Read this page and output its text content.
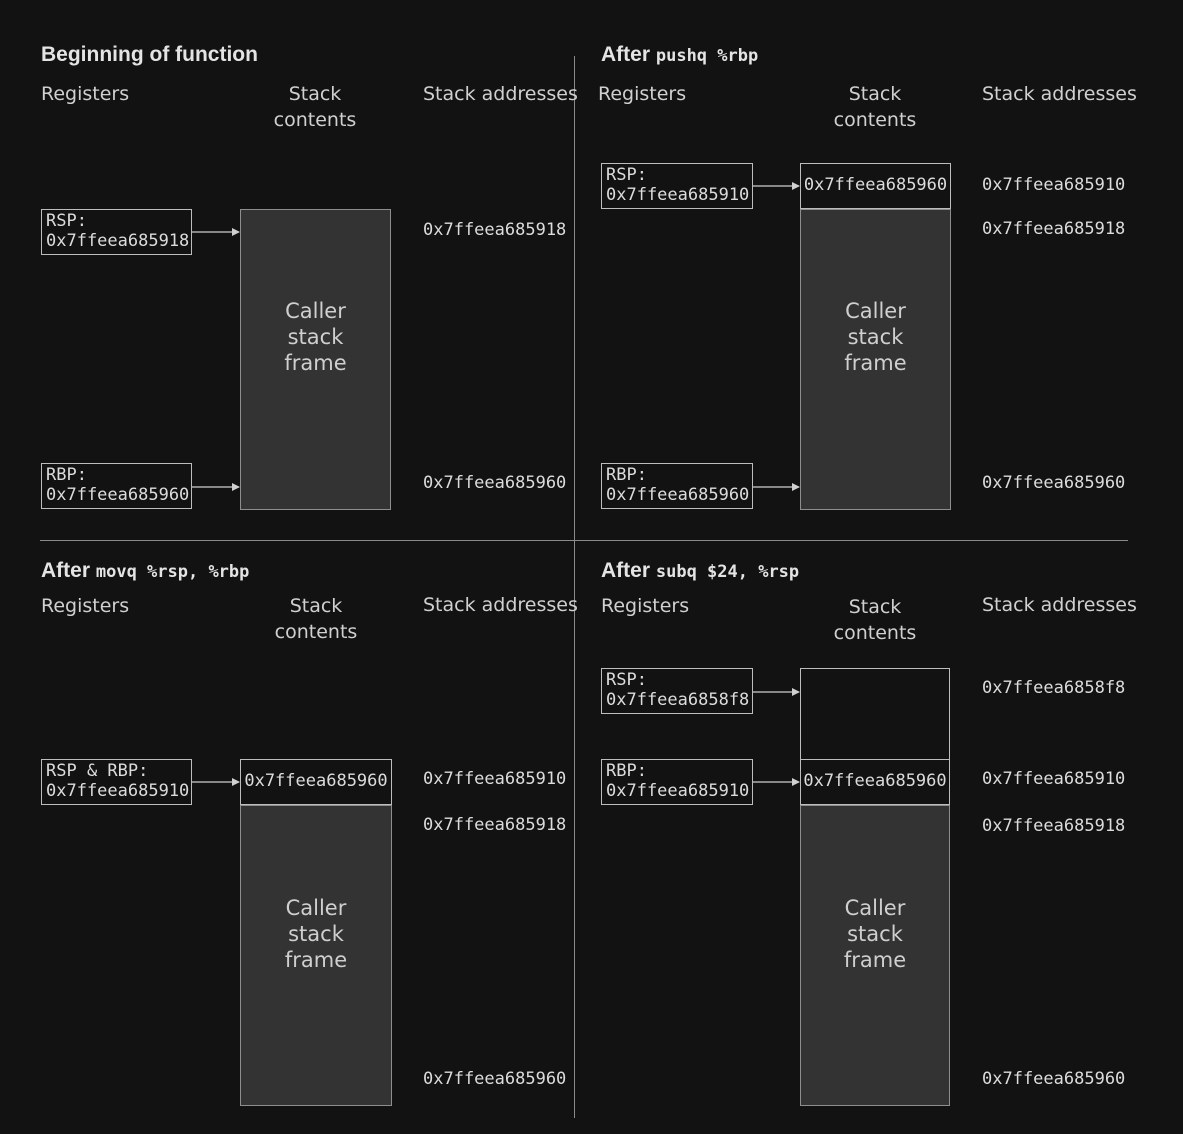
Beginning of function
Registers	Stack contents
Stack addresses
RSP:
0x7ffeea685918
RBP:
0x7ffeea685960
Caller stack frame
0x7ffeea685918
0x7ffeea685960
After pushq %rbp
Registers	Stack contents
Stack addresses
RSP:
0x7ffeea685910
RBP:
0x7ffeea685960
0x7ffeea685960
Caller stack frame
0x7ffeea685910
0x7ffeea685918
0x7ffeea685960
After movq %rsp, %rbp
Registers	Stack contents
Stack addresses
RSP & RBP:
0x7ffeea685910	0x7ffeea685960
Caller stack frame
0x7ffeea685910
0x7ffeea685918
0x7ffeea685960
After subq $24, %rsp
Registers	Stack contents
Stack addresses
RSP:
0x7ffeea6858f8
RBP:
0x7ffeea685910	0x7ffeea685960
Caller stack frame
0x7ffeea6858f8
0x7ffeea685910
0x7ffeea685918
0x7ffeea685960
